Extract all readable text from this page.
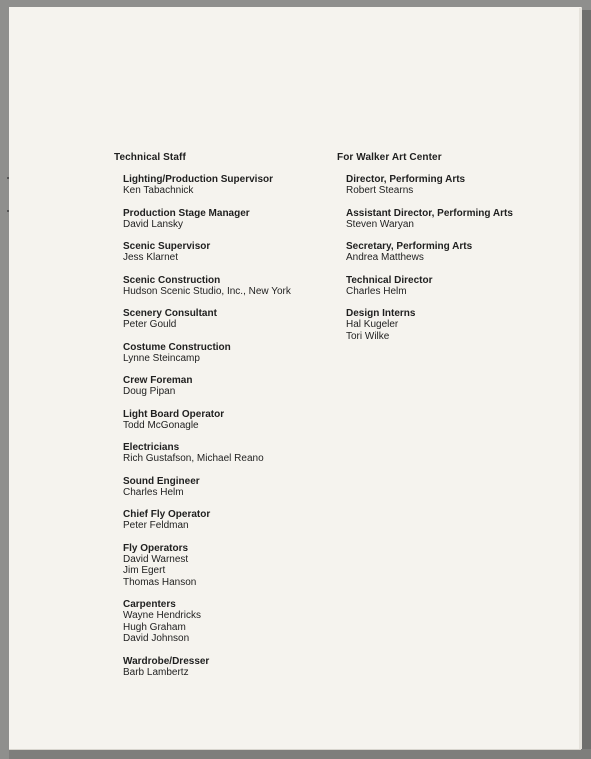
Technical Staff
Lighting/Production Supervisor
Ken Tabachnick
Production Stage Manager
David Lansky
Scenic Supervisor
Jess Klarnet
Scenic Construction
Hudson Scenic Studio, Inc., New York
Scenery Consultant
Peter Gould
Costume Construction
Lynne Steincamp
Crew Foreman
Doug Pipan
Light Board Operator
Todd McGonagle
Electricians
Rich Gustafson, Michael Reano
Sound Engineer
Charles Helm
Chief Fly Operator
Peter Feldman
Fly Operators
David Warnest
Jim Egert
Thomas Hanson
Carpenters
Wayne Hendricks
Hugh Graham
David Johnson
Wardrobe/Dresser
Barb Lambertz
For Walker Art Center
Director, Performing Arts
Robert Stearns
Assistant Director, Performing Arts
Steven Waryan
Secretary, Performing Arts
Andrea Matthews
Technical Director
Charles Helm
Design Interns
Hal Kugeler
Tori Wilke
